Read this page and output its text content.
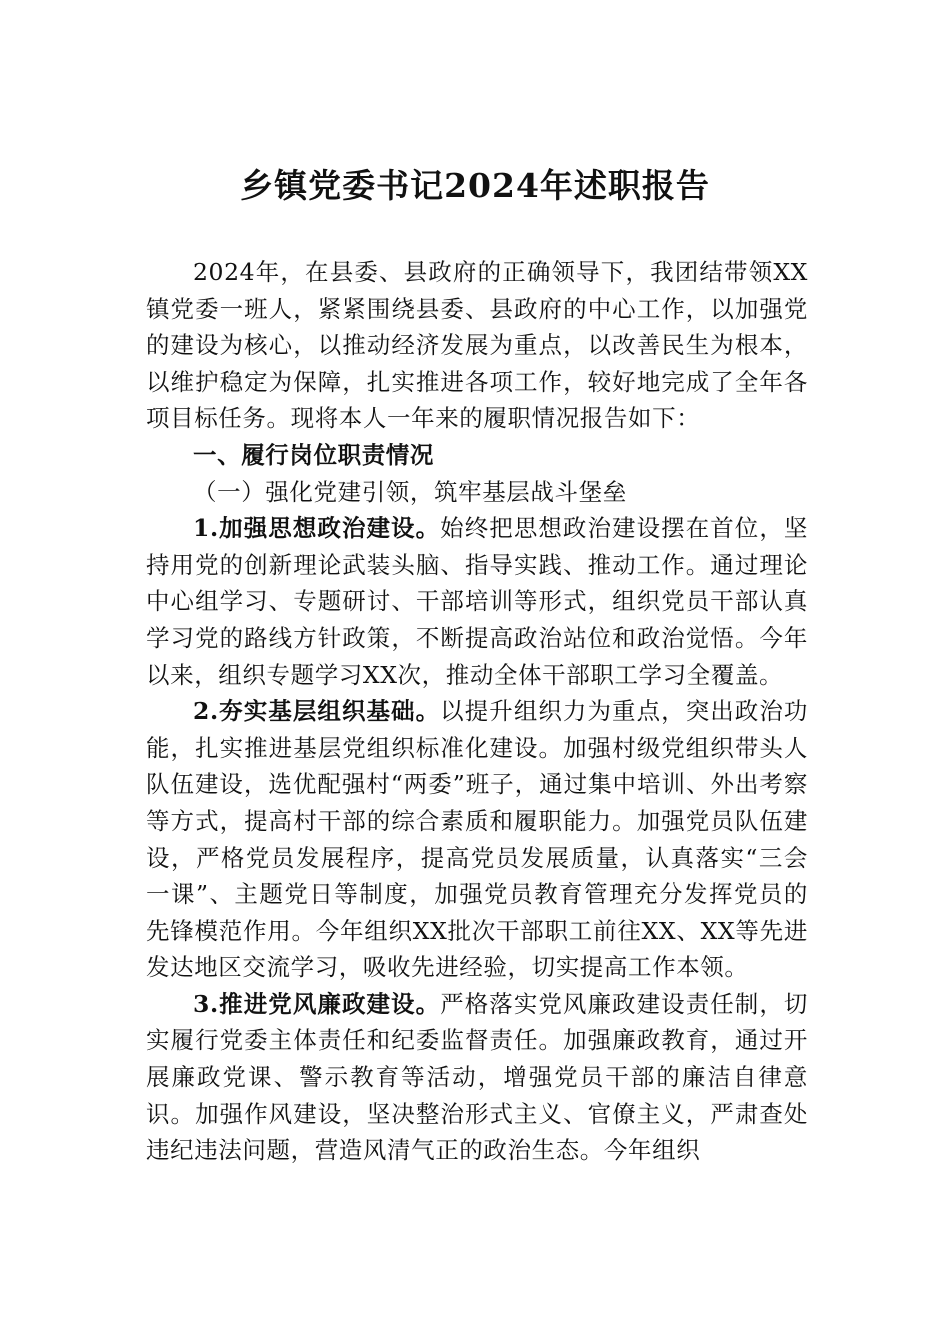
乡镇党委书记2024年述职报告

2024年，在县委、县政府的正确领导下，我团结带领XX镇党委一班人，紧紧围绕县委、县政府的中心工作，以加强党的建设为核心，以推动经济发展为重点，以改善民生为根本，以维护稳定为保障，扎实推进各项工作，较好地完成了全年各项目标任务。现将本人一年来的履职情况报告如下：

一、履行岗位职责情况

（一）强化党建引领，筑牢基层战斗堡垒

1.加强思想政治建设。始终把思想政治建设摆在首位，坚持用党的创新理论武装头脑、指导实践、推动工作。通过理论中心组学习、专题研讨、干部培训等形式，组织党员干部认真学习党的路线方针政策，不断提高政治站位和政治觉悟。今年以来，组织专题学习XX次，推动全体干部职工学习全覆盖。

2.夯实基层组织基础。以提升组织力为重点，突出政治功能，扎实推进基层党组织标准化建设。加强村级党组织带头人队伍建设，选优配强村“两委”班子，通过集中培训、外出考察等方式，提高村干部的综合素质和履职能力。加强党员队伍建设，严格党员发展程序，提高党员发展质量，认真落实“三会一课”、主题党日等制度，加强党员教育管理充分发挥党员的先锋模范作用。今年组织XX批次干部职工前往XX、XX等先进发达地区交流学习，吸收先进经验，切实提高工作本领。

3.推进党风廉政建设。严格落实党风廉政建设责任制，切实履行党委主体责任和纪委监督责任。加强廉政教育，通过开展廉政党课、警示教育等活动，增强党员干部的廉洁自律意识。加强作风建设，坚决整治形式主义、官僚主义，严肃查处违纪违法问题，营造风清气正的政治生态。今年组织
